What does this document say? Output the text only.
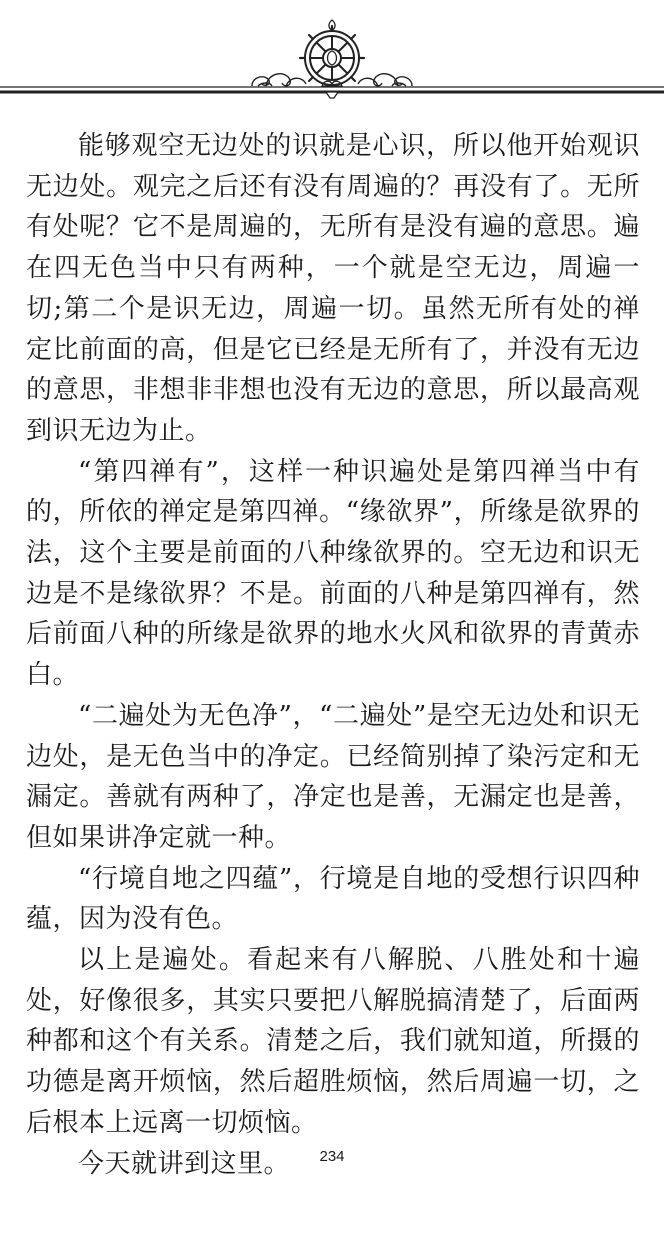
能够观空无边处的识就是心识，所以他开始观识无边处。观完之后还有没有周遍的？再没有了。无所有处呢？它不是周遍的，无所有是没有遍的意思。遍在四无色当中只有两种，一个就是空无边，周遍一切;第二个是识无边，周遍一切。虽然无所有处的禅定比前面的高，但是它已经是无所有了，并没有无边的意思，非想非非想也没有无边的意思，所以最高观到识无边为止。

“第四禅有”，这样一种识遍处是第四禅当中有的，所依的禅定是第四禅。“缘欲界”，所缘是欲界的法，这个主要是前面的八种缘欲界的。空无边和识无边是不是缘欲界？不是。前面的八种是第四禅有，然后前面八种的所缘是欲界的地水火风和欲界的青黄赤白。

“二遍处为无色净”，“二遍处”是空无边处和识无边处，是无色当中的净定。已经简别掉了染污定和无漏定。善就有两种了，净定也是善，无漏定也是善，但如果讲净定就一种。

“行境自地之四蕴”，行境是自地的受想行识四种蕴，因为没有色。

以上是遍处。看起来有八解脱、八胜处和十遍处，好像很多，其实只要把八解脱搞清楚了，后面两种都和这个有关系。清楚之后，我们就知道，所摄的功德是离开烦恼，然后超胜烦恼，然后周遍一切，之后根本上远离一切烦恼。

今天就讲到这里。	234
